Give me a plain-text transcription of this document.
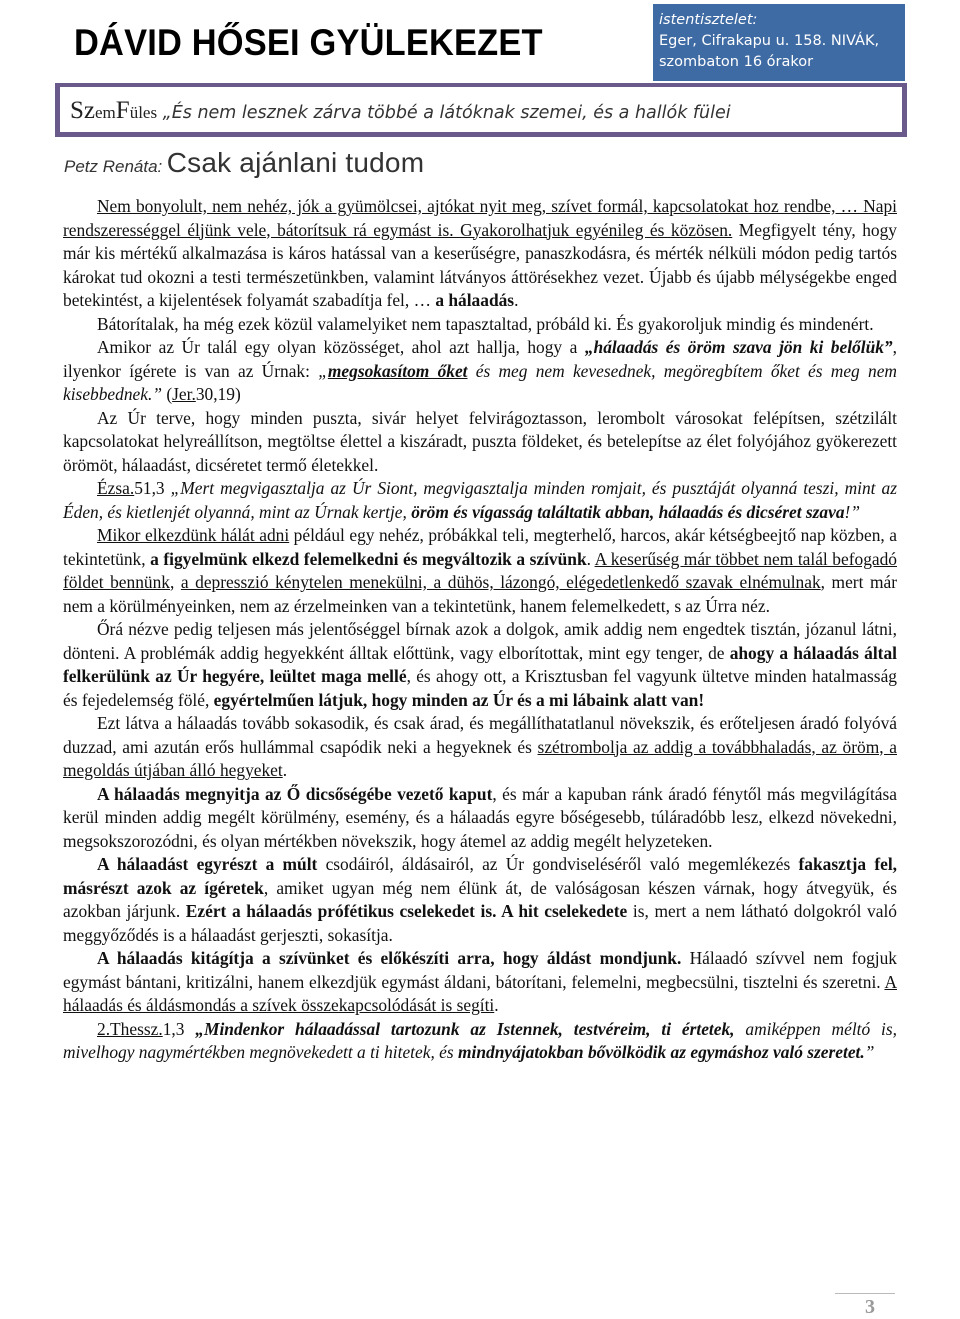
DÁVID HŐSEI GYÜLEKEZET
istentisztelet:
Eger, Cifrakapu u. 158. NIVÁK,
szombaton 16 órakor
SzemFüles „És nem lesznek zárva többé a látóknak szemei, és a hallók fülei
Petz Renáta: Csak ajánlani tudom

Nem bonyolult, nem nehéz, jók a gyümölcsei, ajtókat nyit meg, szívet formál, kapcsolatokat hoz rendbe, … Napi rendszerességgel éljünk vele, bátorítsuk rá egymást is. Gyakorolhatjuk egyénileg és közösen. Megfigyelt tény, hogy már kis mértékű alkalmazása is káros hatással van a keserűségre, panaszkodásra, és mérték nélküli módon pedig tartós károkat tud okozni a testi természetünkben, valamint látványos áttörésekhez vezet. Újabb és újabb mélységekbe enged betekintést, a kijelentések folyamát szabadítja fel, … a hálaadás.

Bátorítalak, ha még ezek közül valamelyiket nem tapasztaltad, próbáld ki. És gyakoroljuk mindig és mindenért.

Amikor az Úr talál egy olyan közösséget, ahol azt hallja, hogy a „hálaadás és öröm szava jön ki belőlük”, ilyenkor ígérete is van az Úrnak: „megsokasítom őket és meg nem kevesednek, megöregbítem őket és meg nem kisebbednek.” (Jer.30,19)

Az Úr terve, hogy minden puszta, sivár helyet felvirágoztasson, lerombolt városokat felépítsen, szétzilált kapcsolatokat helyreállítson, megtöltse élettel a kiszáradt, puszta földeket, és betelepítse az élet folyójához gyökerezett örömöt, hálaadást, dicséretet termő életekkel.

Ézsa.51,3 „Mert megvigasztalja az Úr Siont, megvigasztalja minden romjait, és pusztáját olyanná teszi, mint az Éden, és kietlenjét olyanná, mint az Úrnak kertje, öröm és vígasság találtatik abban, hálaadás és dicséret szava!”

Mikor elkezdünk hálát adni például egy nehéz, próbákkal teli, megterhelő, harcos, akár kétségbeejtő nap közben, a tekintetünk, a figyelmünk elkezd felemelkedni és megváltozik a szívünk. A keserűség már többet nem talál befogadó földet bennünk, a depresszió kénytelen menekülni, a dühös, lázongó, elégedetlenkedő szavak elnémulnak, mert már nem a körülményeinken, nem az érzelmeinken van a tekintetünk, hanem felemelkedett, s az Úrra néz.

Őrá nézve pedig teljesen más jelentőséggel bírnak azok a dolgok, amik addig nem engedtek tisztán, józanul látni, dönteni. A problémák addig hegyekként álltak előttünk, vagy elborítottak, mint egy tenger, de ahogy a hálaadás által felkerülünk az Úr hegyére, leültet maga mellé, és ahogy ott, a Krisztusban fel vagyunk ültetve minden hatalmasság és fejedelemség fölé, egyértelműen látjuk, hogy minden az Úr és a mi lábaink alatt van!

Ezt látva a hálaadás tovább sokasodik, és csak árad, és megállíthatatlanul növekszik, és erőteljesen áradó folyóvá duzzad, ami azután erős hullámmal csapódik neki a hegyeknek és szétrombolja az addig a továbbhaladás, az öröm, a megoldás útjában álló hegyeket.

A hálaadás megnyitja az Ő dicsőségébe vezető kaput, és már a kapuban ránk áradó fénytől más megvilágítása kerül minden addig megélt körülmény, esemény, és a hálaadás egyre bőségesebb, túláradóbb lesz, elkezd növekedni, megsokszorozódni, és olyan mértékben növekszik, hogy átemel az addig megélt helyzeteken.

A hálaadást egyrészt a múlt csodáiról, áldásairól, az Úr gondviseléséről való megemlékezés fakasztja fel, másrészt azok az ígéretek, amiket ugyan még nem élünk át, de valóságosan készen várnak, hogy átvegyük, és azokban járjunk. Ezért a hálaadás prófétikus cselekedet is. A hit cselekedete is, mert a nem látható dolgokról való meggyőződés is a hálaadást gerjeszti, sokasítja.

A hálaadás kitágítja a szívünket és előkészíti arra, hogy áldást mondjunk. Hálaadó szívvel nem fogjuk egymást bántani, kritizálni, hanem elkezdjük egymást áldani, bátorítani, felemelni, megbecsülni, tisztelni és szeretni. A hálaadás és áldásmondás a szívek összekapcsolódását is segíti.

2.Thessz.1,3 „Mindenkor hálaadással tartozunk az Istennek, testvéreim, ti értetek, amiképpen méltó is, mivelhogy nagymértékben megnövekedett a ti hitetek, és mindnyájatokban bővölködik az egymáshoz való szeretet.”

3
